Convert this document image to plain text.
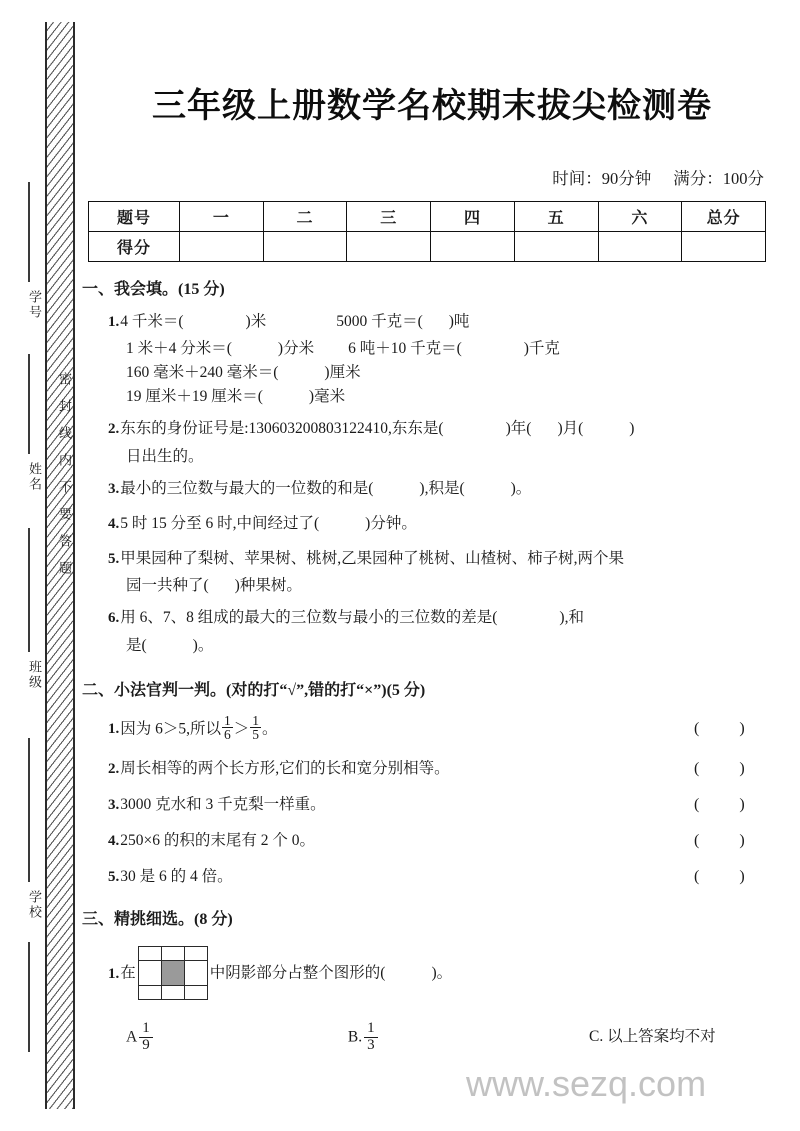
密封线内不要答题
学号
姓名
班级
学校
三年级上册数学名校期末拔尖检测卷
时间：90分钟 满分：100分
题号	一	二	三	四	五	六	总分
得分							
一、我会填。(15 分)
1.4 千米＝(	)米	5000 千克＝( )吨
1 米＋4 分米＝(	)分米 6 吨＋10 千克＝(	)千克
160 毫米＋240 毫米＝(	)厘米
19 厘米＋19 厘米＝(	)毫米
2.东东的身份证号是:130603200803122410,东东是(	)年( )月(	)
日出生的。
3.最小的三位数与最大的一位数的和是(	),积是(	)。
4.5 时 15 分至 6 时,中间经过了(	)分钟。
5.甲果园种了梨树、苹果树、桃树,乙果园种了桃树、山楂树、柿子树,两个果
园一共种了( )种果树。
6.用 6、7、8 组成的最大的三位数与最小的三位数的差是(	),和
是(	)。
二、小法官判一判。(对的打“√”,错的打“×”)(5 分)
1.因为 6＞5,所以 $\frac{1}{6} > \frac{1}{5}$ 。	(	)
2.周长相等的两个长方形,它们的长和宽分别相等。	(	)
3.3000 克水和 3 千克梨一样重。	(	)
4.250×6 的积的末尾有 2 个 0。	(	)
5.30 是 6 的 4 倍。	(	)
三、精挑细选。(8 分)
1.在

			中阴影部分占整个图形的(	)。
A $\frac{1}{9}$	B. $\frac{1}{3}$	C. 以上答案均不对
www.sezq.com
